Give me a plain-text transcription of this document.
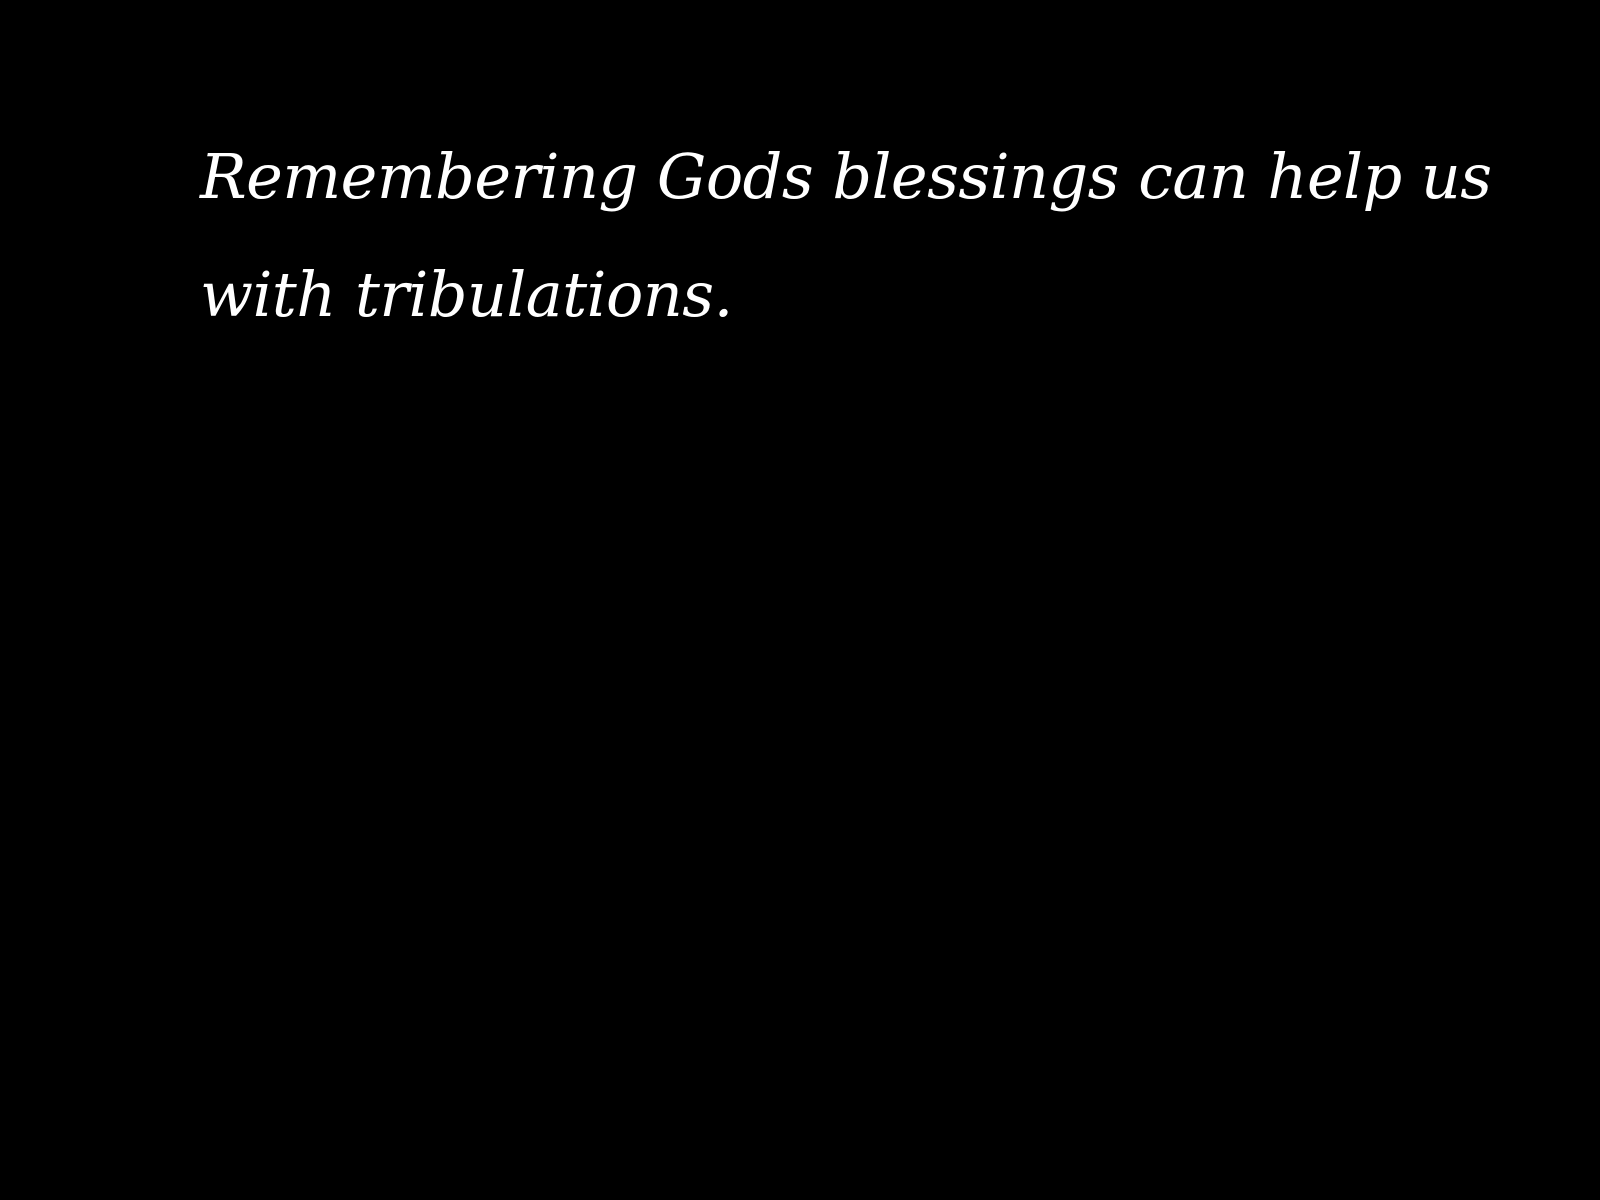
Remembering Gods blessings can help us
with tribulations.
